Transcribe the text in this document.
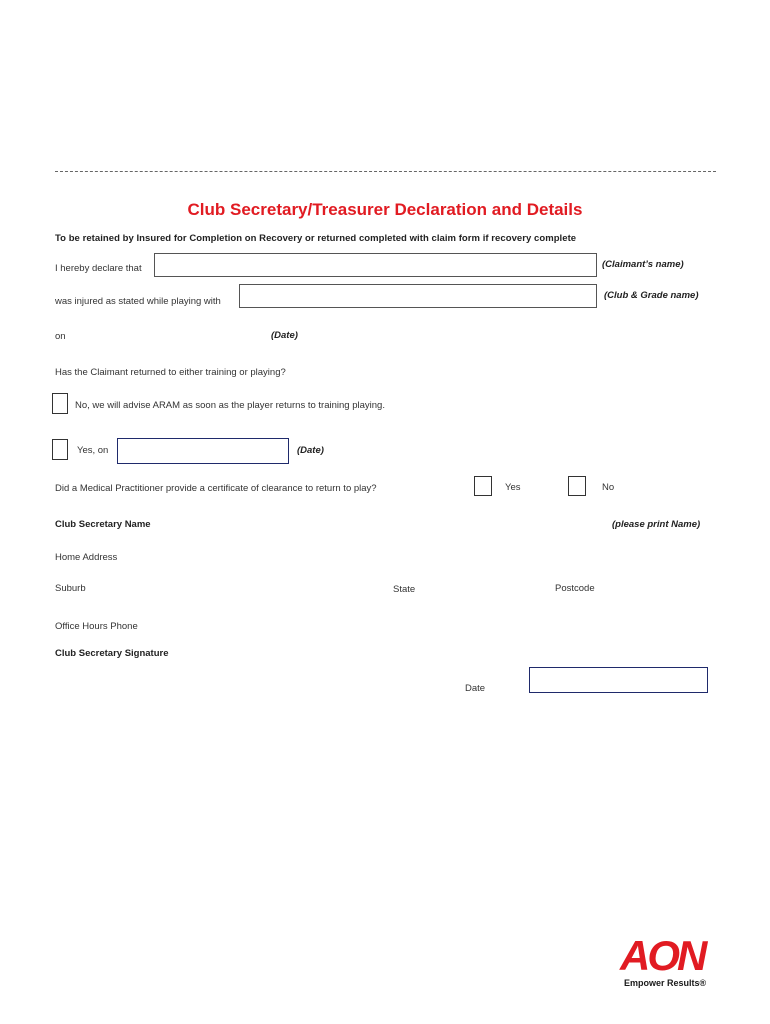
Club Secretary/Treasurer Declaration and Details
To be retained by Insured for Completion on Recovery or returned completed with claim form if recovery complete
I hereby declare that	(Claimant’s name)
was injured as stated while playing with
(Club & Grade name)
on	(Date)
Has the Claimant returned to either training or playing?
No, we will advise ARAM as soon as the player returns to training playing.
Yes, on	(Date)
Did a Medical Practitioner provide a certificate of clearance to return to play?	Yes	No
Club Secretary Name	(please print Name)
Home Address
Suburb	State	Postcode
Office Hours Phone
Club Secretary Signature
Date
AON
Empower Results®
